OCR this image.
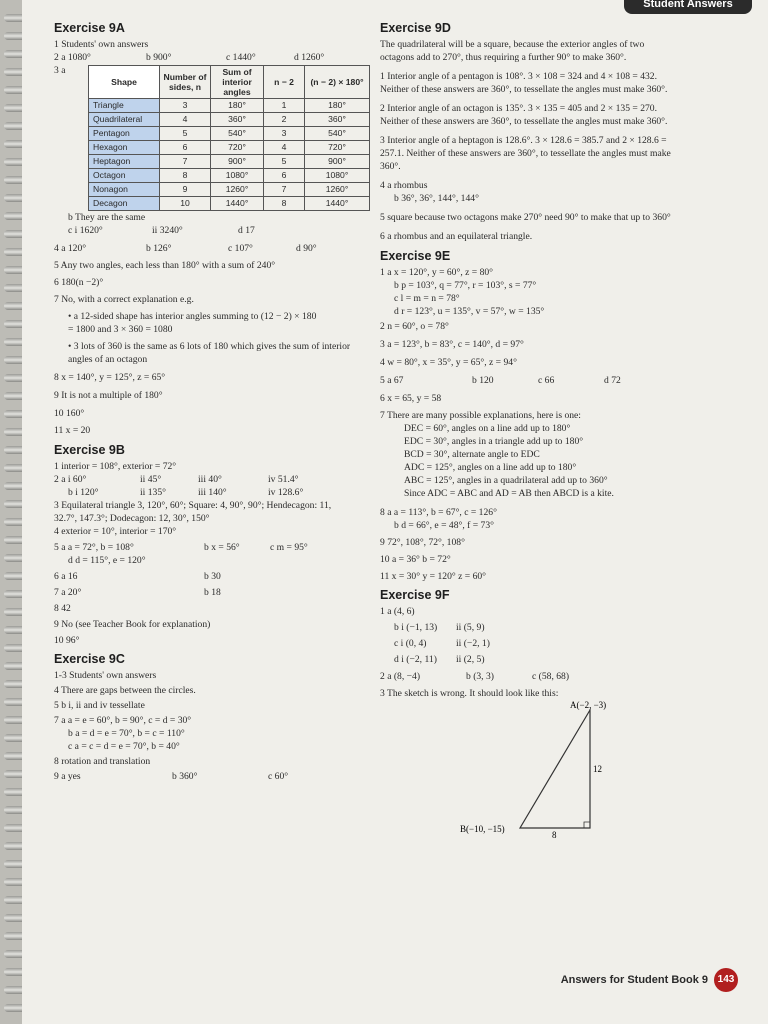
Student Answers
Exercise 9A

1 Students' own answers

2 a 1080°	b 900°	c 1440°	d 1260°

3 a

Shape	Number of sides, n	Sum of interior angles	n − 2	(n − 2) × 180°
Triangle	3	180°	1	180°
Quadrilateral	4	360°	2	360°
Pentagon	5	540°	3	540°
Hexagon	6	720°	4	720°
Heptagon	7	900°	5	900°
Octagon	8	1080°	6	1080°
Nonagon	9	1260°	7	1260°
Decagon	10	1440°	8	1440°

b They are the same

c i 1620°	ii 3240°	d 17

4 a 120°	b 126°	c 107°	d 90°

5 Any two angles, each less than 180° with a sum of 240°

6 180(n −2)°

7 No, with a correct explanation e.g.

• a 12-sided shape has interior angles summing to (12 − 2) × 180 = 1800 and 3 × 360 = 1080

• 3 lots of 360 is the same as 6 lots of 180 which gives the sum of interior angles of an octagon

8 x = 140°, y = 125°, z = 65°

9 It is not a multiple of 180°

10 160°

11 x = 20

Exercise 9B

1 interior = 108°, exterior = 72°

2 a i 60°	ii 45°	iii 40°	iv 51.4°

b i 120°	ii 135°	iii 140°	iv 128.6°

3 Equilateral triangle 3, 120°, 60°; Square: 4, 90°, 90°; Hendecagon: 11, 32.7°, 147.3°; Dodecagon: 12, 30°, 150°

4 exterior = 10°, interior = 170°

5 a a = 72°, b = 108°	b x = 56°	c m = 95°

d d = 115°, e = 120°

6 a 16	b 30

7 a 20°	b 18

8 42

9 No (see Teacher Book for explanation)

10 96°

Exercise 9C

1-3 Students' own answers

4 There are gaps between the circles.

5 b i, ii and iv tessellate

7 a a = e = 60°, b = 90°, c = d = 30°

b a = d = e = 70°, b = c = 110°

c a = c = d = e = 70°, b = 40°

8 rotation and translation

9 a yes	b 360°	c 60°

Exercise 9D

The quadrilateral will be a square, because the exterior angles of two octagons add to 270°, thus requiring a further 90° to make 360°.

1 Interior angle of a pentagon is 108°. 3 × 108 = 324 and 4 × 108 = 432. Neither of these answers are 360°, to tessellate the angles must make 360°.

2 Interior angle of an octagon is 135°. 3 × 135 = 405 and 2 × 135 = 270. Neither of these answers are 360°, to tessellate the angles must make 360°.

3 Interior angle of a heptagon is 128.6°. 3 × 128.6 = 385.7 and 2 × 128.6 = 257.1. Neither of these answers are 360°, to tessellate the angles must make 360°.

4 a rhombus

b 36°, 36°, 144°, 144°

5 square because two octagons make 270° need 90° to make that up to 360°

6 a rhombus and an equilateral triangle.

Exercise 9E

1 a x = 120°, y = 60°, z = 80°

b p = 103°, q = 77°, r = 103°, s = 77°

c l = m = n = 78°

d r = 123°, u = 135°, v = 57°, w = 135°

2 n = 60°, o = 78°

3 a = 123°, b = 83°, c = 140°, d = 97°

4 w = 80°, x = 35°, y = 65°, z = 94°

5 a 67	b 120	c 66	d 72

6 x = 65, y = 58

7 There are many possible explanations, here is one:

DEC = 60°, angles on a line add up to 180°

EDC = 30°, angles in a triangle add up to 180°

BCD = 30°, alternate angle to EDC

ADC = 125°, angles on a line add up to 180°

ABC = 125°, angles in a quadrilateral add up to 360°

Since ADC = ABC and AD = AB then ABCD is a kite.

8 a a = 113°, b = 67°, c = 126°

b d = 66°, e = 48°, f = 73°

9 72°, 108°, 72°, 108°

10 a = 36° b = 72°

11 x = 30° y = 120° z = 60°

Exercise 9F

1 a (4, 6)

b i (−1, 13) ii (5, 9)

c i (0, 4)	ii (−2, 1)

d i (−2, 11) ii (2, 5)

2 a (8, −4)	b (3, 3)	c (58, 68)

3 The sketch is wrong. It should look like this:

A(−2, −3)
12
B(−10, −15)
8
Answers for Student Book 9 143
